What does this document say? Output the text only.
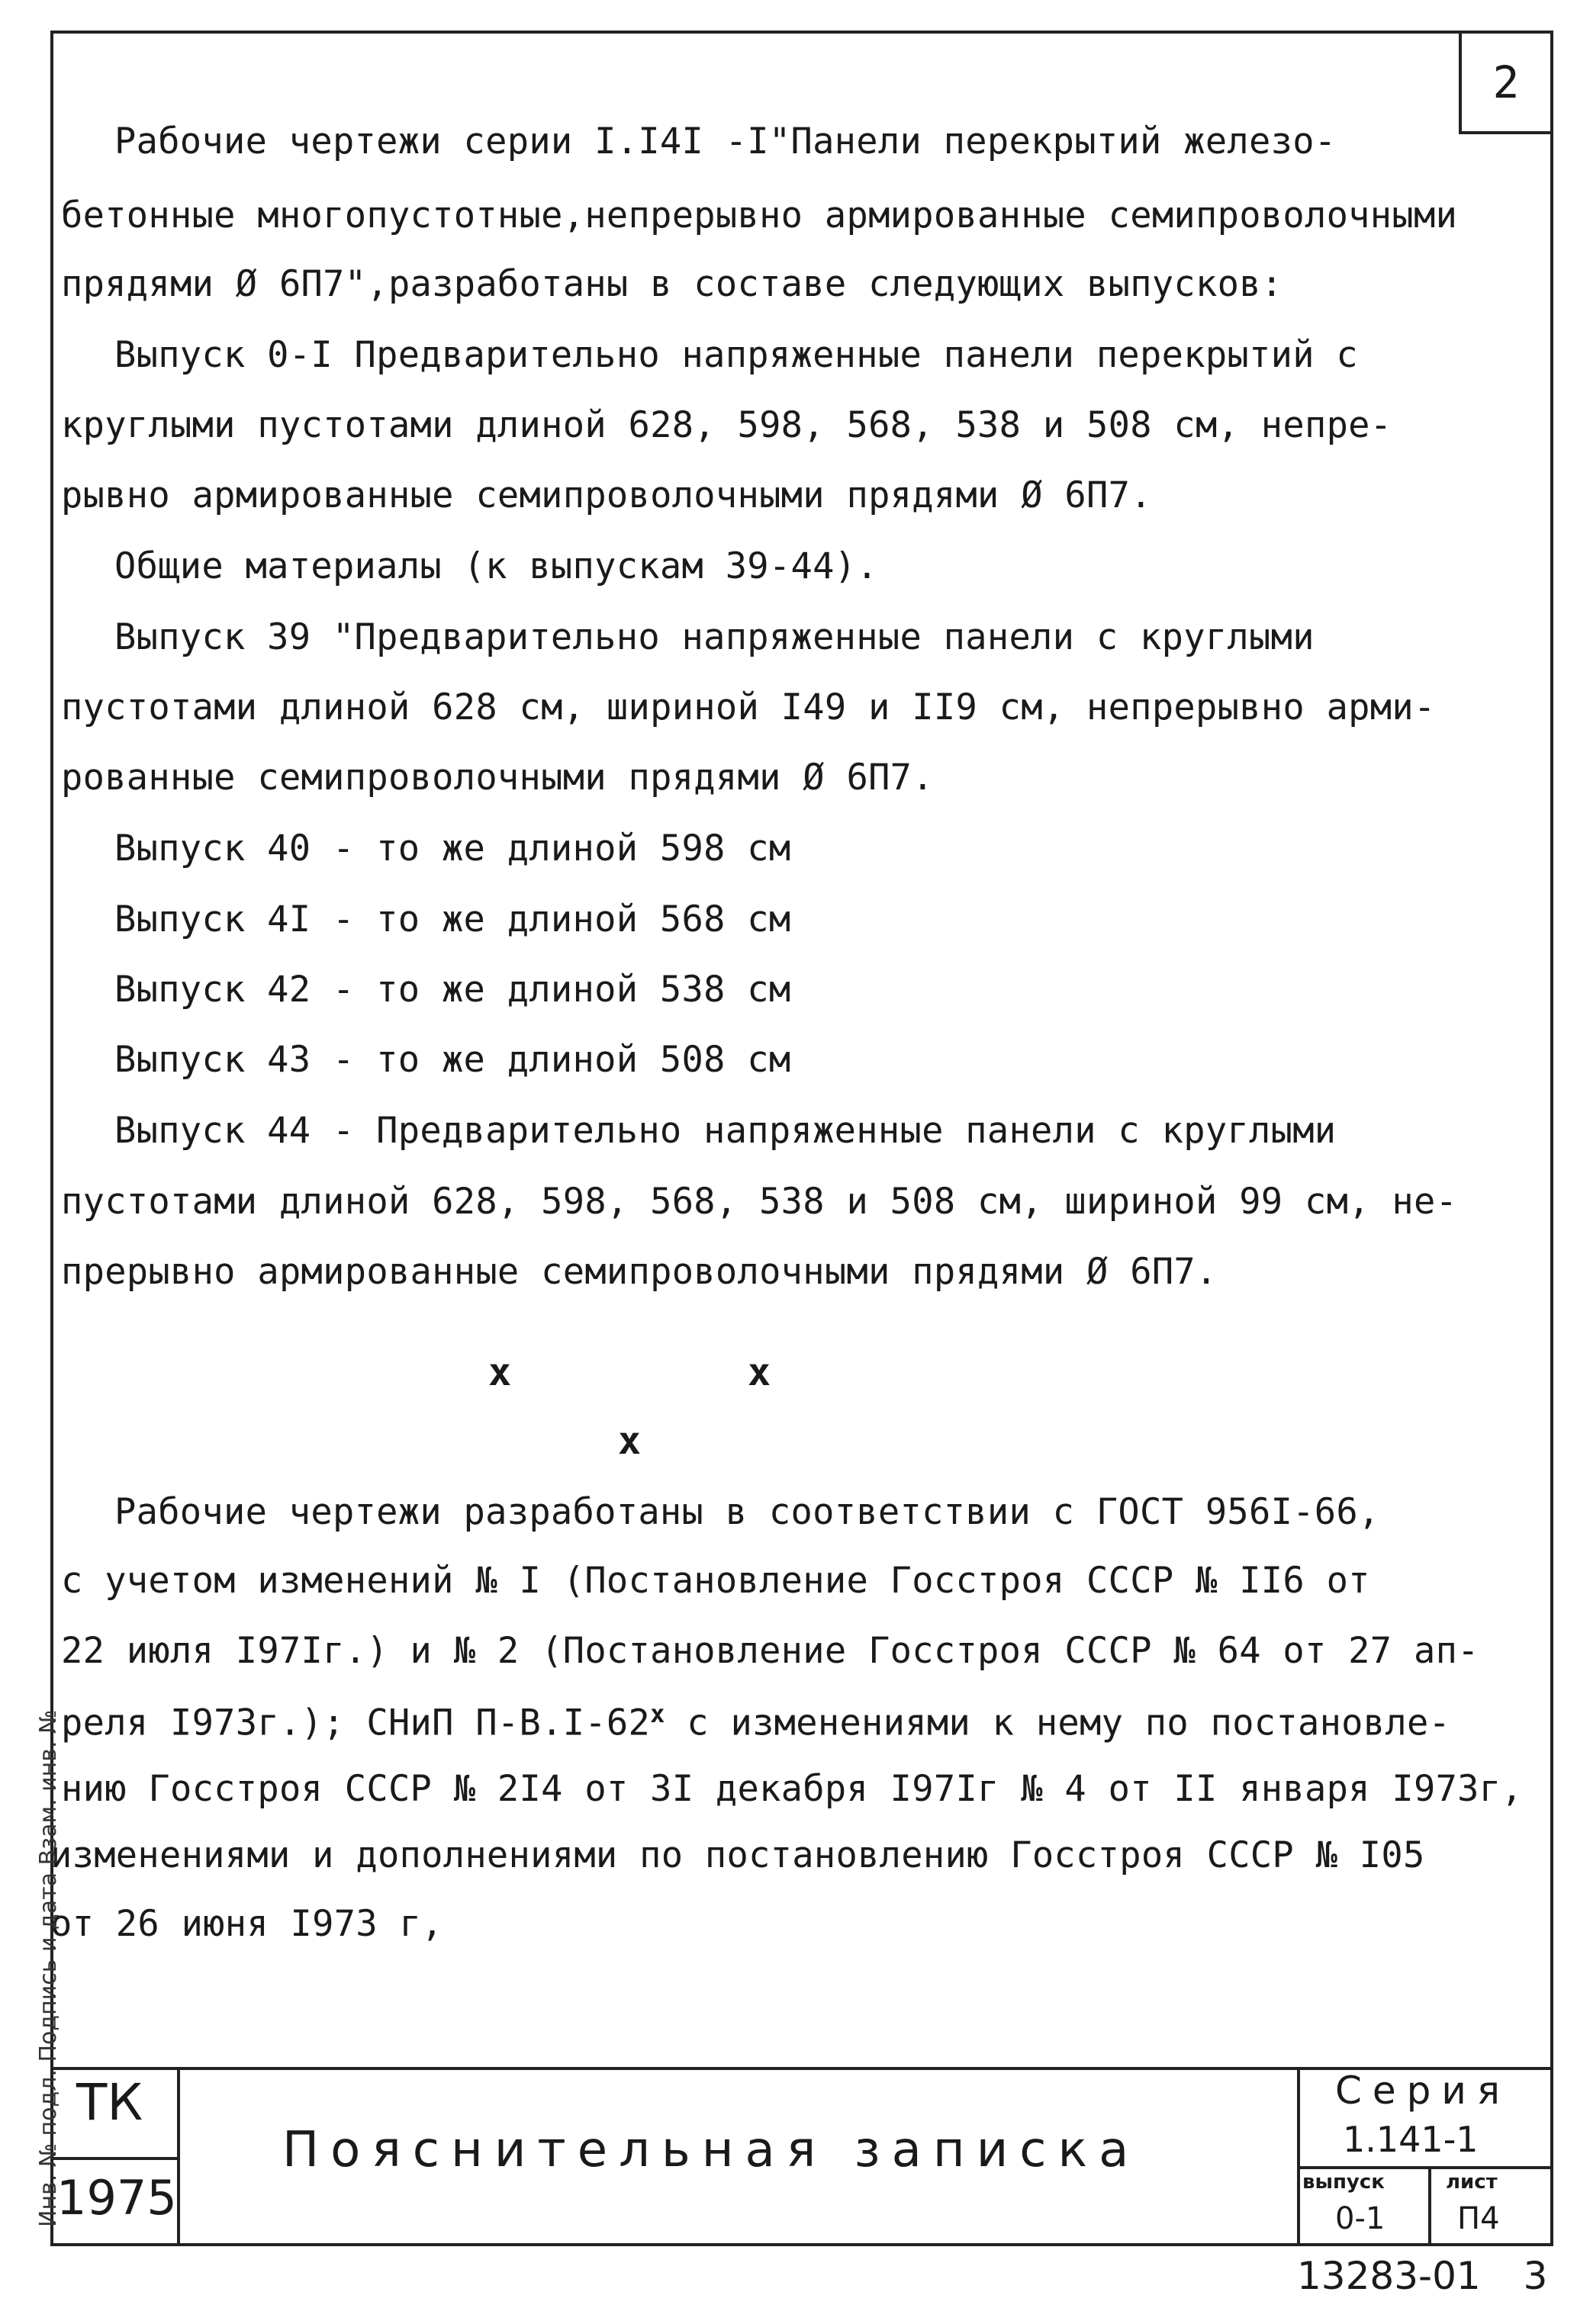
2
Рабочие чертежи серии I.I4I -I"Панели перекрытий железо-
бетонные многопустотные,непрерывно армированные семипроволочными
прядями Ø 6П7",разработаны в составе следующих выпусков:
Выпуск 0-I Предварительно напряженные панели перекрытий с
круглыми пустотами длиной 628, 598, 568, 538 и 508 см, непре-
рывно армированные семипроволочными прядями Ø 6П7.
Общие материалы (к выпускам 39-44).
Выпуск 39 "Предварительно напряженные панели с круглыми
пустотами длиной 628 см, шириной I49 и II9 см, непрерывно арми-
рованные семипроволочными прядями Ø 6П7.
Выпуск 40 - то же длиной 598 см
Выпуск 4I - то же длиной 568 см
Выпуск 42 - то же длиной 538 см
Выпуск 43 - то же длиной 508 см
Выпуск 44 - Предварительно напряженные панели с круглыми
пустотами длиной 628, 598, 568, 538 и 508 см, шириной 99 см, не-
прерывно армированные семипроволочными прядями Ø 6П7.
x	x
x
Рабочие чертежи разработаны в соответствии с ГОСТ 956I-66,
с учетом изменений № I (Постановление Госстроя СССР № II6 от
22 июля I97Iг.) и № 2 (Постановление Госстроя СССР № 64 от 27 ап-
реля I973г.); СНиП П-В.I-62$^x$ с изменениями к нему по постановле-
нию Госстроя СССР № 2I4 от 3I декабря I97Iг № 4 от II января I973г,
изменениями и дополнениями по постановлению Госстроя СССР № I05
от 26 июня I973 г,
ТК
1975
Пояснительная записка
Серия
1.141-1
выпуск
0-1
лист
П4
Инв. № подл. Подпись и дата Взам. инв. №
13283-01 3
